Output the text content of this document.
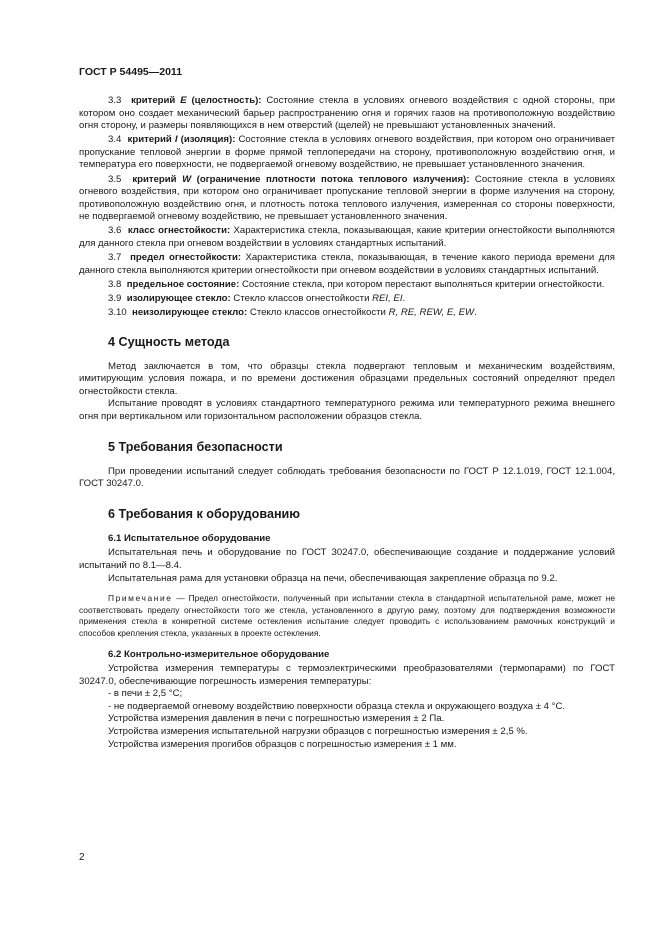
ГОСТ Р 54495—2011

3.3 критерий E (целостность): Состояние стекла в условиях огневого воздействия с одной стороны, при котором оно создает механический барьер распространению огня и горячих газов на противоположную воздействию огня сторону, и размеры появляющихся в нем отверстий (щелей) не превышают установленных значений.

3.4 критерий I (изоляция): Состояние стекла в условиях огневого воздействия, при котором оно ограничивает пропускание тепловой энергии в форме прямой теплопередачи на сторону, противоположную воздействию огня, и температура его поверхности, не подвергаемой огневому воздействию, не превышает установленного значения.

3.5 критерий W (ограничение плотности потока теплового излучения): Состояние стекла в условиях огневого воздействия, при котором оно ограничивает пропускание тепловой энергии в форме излучения на сторону, противоположную воздействию огня, и плотность потока теплового излучения, измеренная со стороны поверхности, не подвергаемой огневому воздействию, не превышает установленного значения.

3.6 класс огнестойкости: Характеристика стекла, показывающая, какие критерии огнестойкости выполняются для данного стекла при огневом воздействии в условиях стандартных испытаний.

3.7 предел огнестойкости: Характеристика стекла, показывающая, в течение какого периода времени для данного стекла выполняются критерии огнестойкости при огневом воздействии в условиях стандартных испытаний.

3.8 предельное состояние: Состояние стекла, при котором перестают выполняться критерии огнестойкости.

3.9 изолирующее стекло: Стекло классов огнестойкости REI, EI.

3.10 неизолирующее стекло: Стекло классов огнестойкости R, RE, REW, E, EW.

4 Сущность метода

Метод заключается в том, что образцы стекла подвергают тепловым и механическим воздействиям, имитирующим условия пожара, и по времени достижения образцами предельных состояний определяют предел огнестойкости стекла.

Испытание проводят в условиях стандартного температурного режима или температурного режима внешнего огня при вертикальном или горизонтальном расположении образцов стекла.

5 Требования безопасности

При проведении испытаний следует соблюдать требования безопасности по ГОСТ Р 12.1.019, ГОСТ 12.1.004, ГОСТ 30247.0.

6 Требования к оборудованию

6.1 Испытательное оборудование

Испытательная печь и оборудование по ГОСТ 30247.0, обеспечивающие создание и поддержание условий испытаний по 8.1—8.4.

Испытательная рама для установки образца на печи, обеспечивающая закрепление образца по 9.2.

Примечание — Предел огнестойкости, полученный при испытании стекла в стандартной испытательной раме, может не соответствовать пределу огнестойкости того же стекла, установленного в другую раму, поэтому для подтверждения возможности применения стекла в конкретной системе остекления испытание следует проводить с использованием рамочных конструкций и способов крепления стекла, указанных в проекте остекления.

6.2 Контрольно-измерительное оборудование

Устройства измерения температуры с термоэлектрическими преобразователями (термопарами) по ГОСТ 30247.0, обеспечивающие погрешность измерения температуры:

- в печи ± 2,5 °С;

- не подвергаемой огневому воздействию поверхности образца стекла и окружающего воздуха ± 4 °С.

Устройства измерения давления в печи с погрешностью измерения ± 2 Па.

Устройства измерения испытательной нагрузки образцов с погрешностью измерения ± 2,5 %.

Устройства измерения прогибов образцов с погрешностью измерения ± 1 мм.

2
